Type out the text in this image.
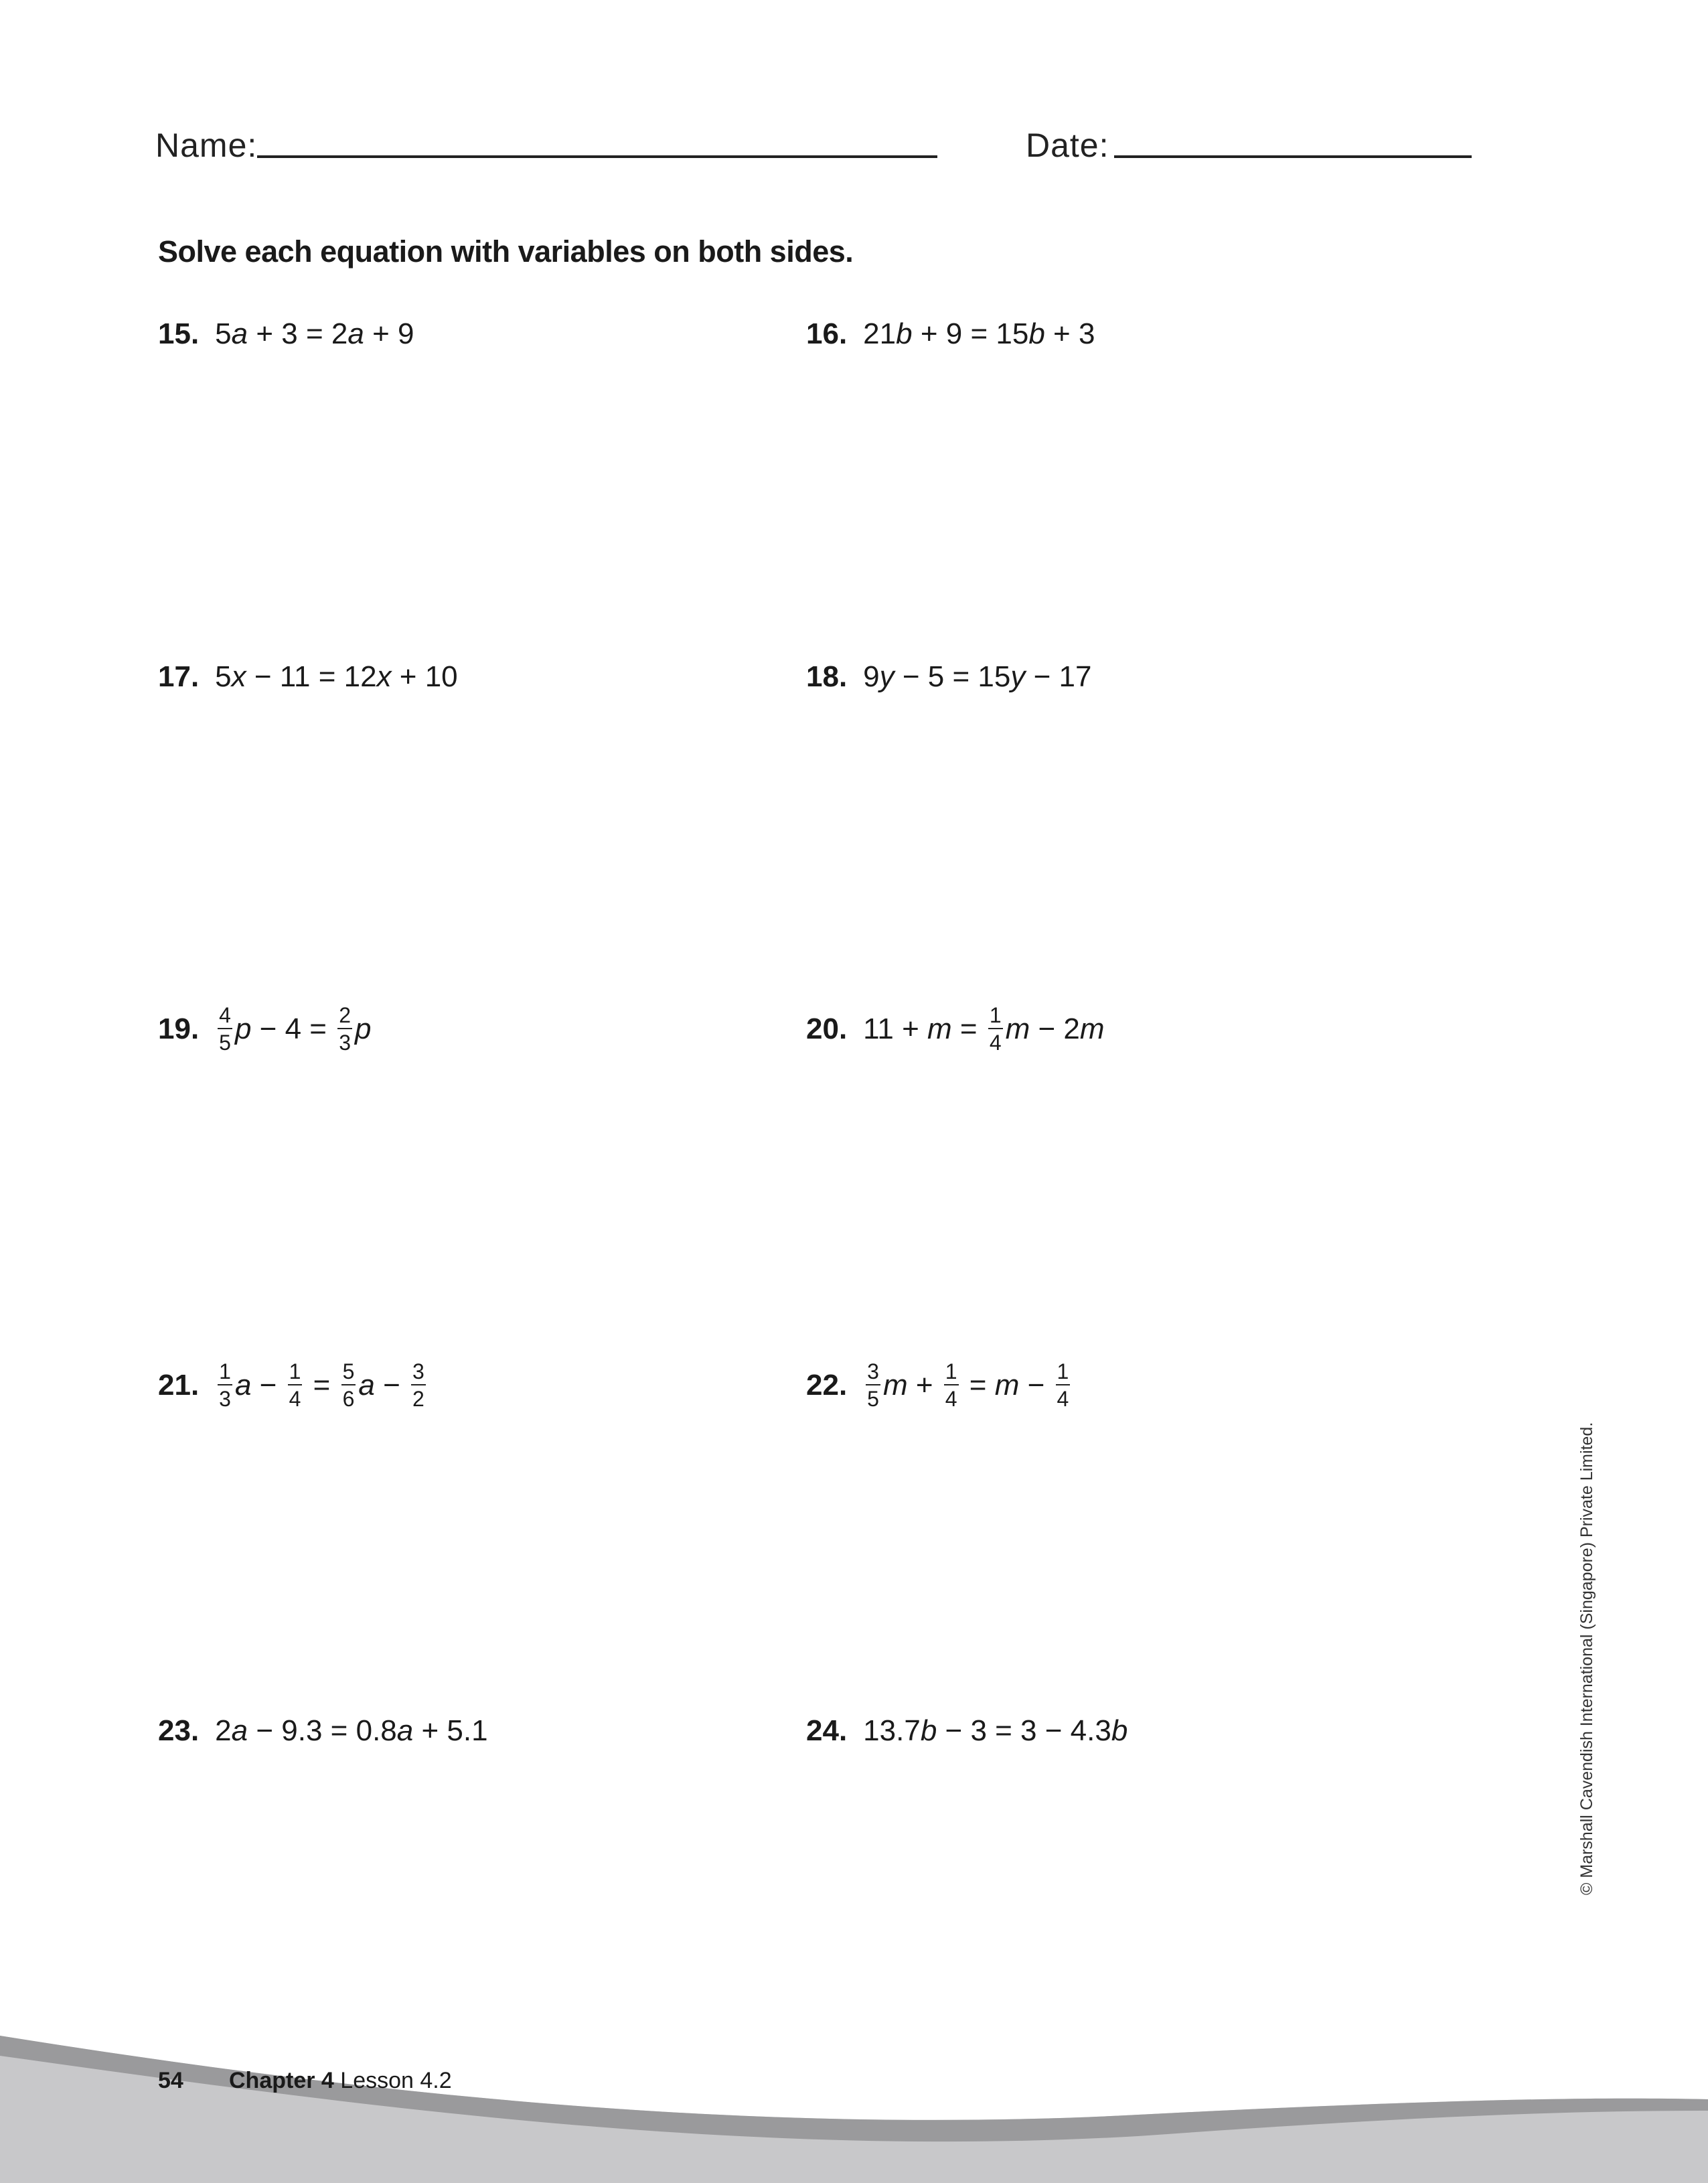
Name:	Date:
Solve each equation with variables on both sides.
15. 5 a + 3 = 2 a + 9	16. 21 b + 9 = 15 b + 3
17. 5 x − 11 = 12 x + 10	18. 9 y − 5 = 15 y − 17
19. $\frac{4}{5}$ $p - 4 = \frac{2}{3}$ p	20. $11 + m = \frac{1}{4}$ m − 2 m
21. $\frac{1}{3}$ $a - \frac{1}{4} = \frac{5}{6}$ $a - \frac{3}{2}$	22. $\frac{3}{5}$ $m + \frac{1}{4} = m - \frac{1}{4}$
23. 2 a − 9.3 = 0.8 a + 5.1	24. 13.7 b − 3 = 3 − 4.3 b	© Marshall Cavendish International (Singapore) Private Limited.
54 Chapter 4 Lesson 4.2
